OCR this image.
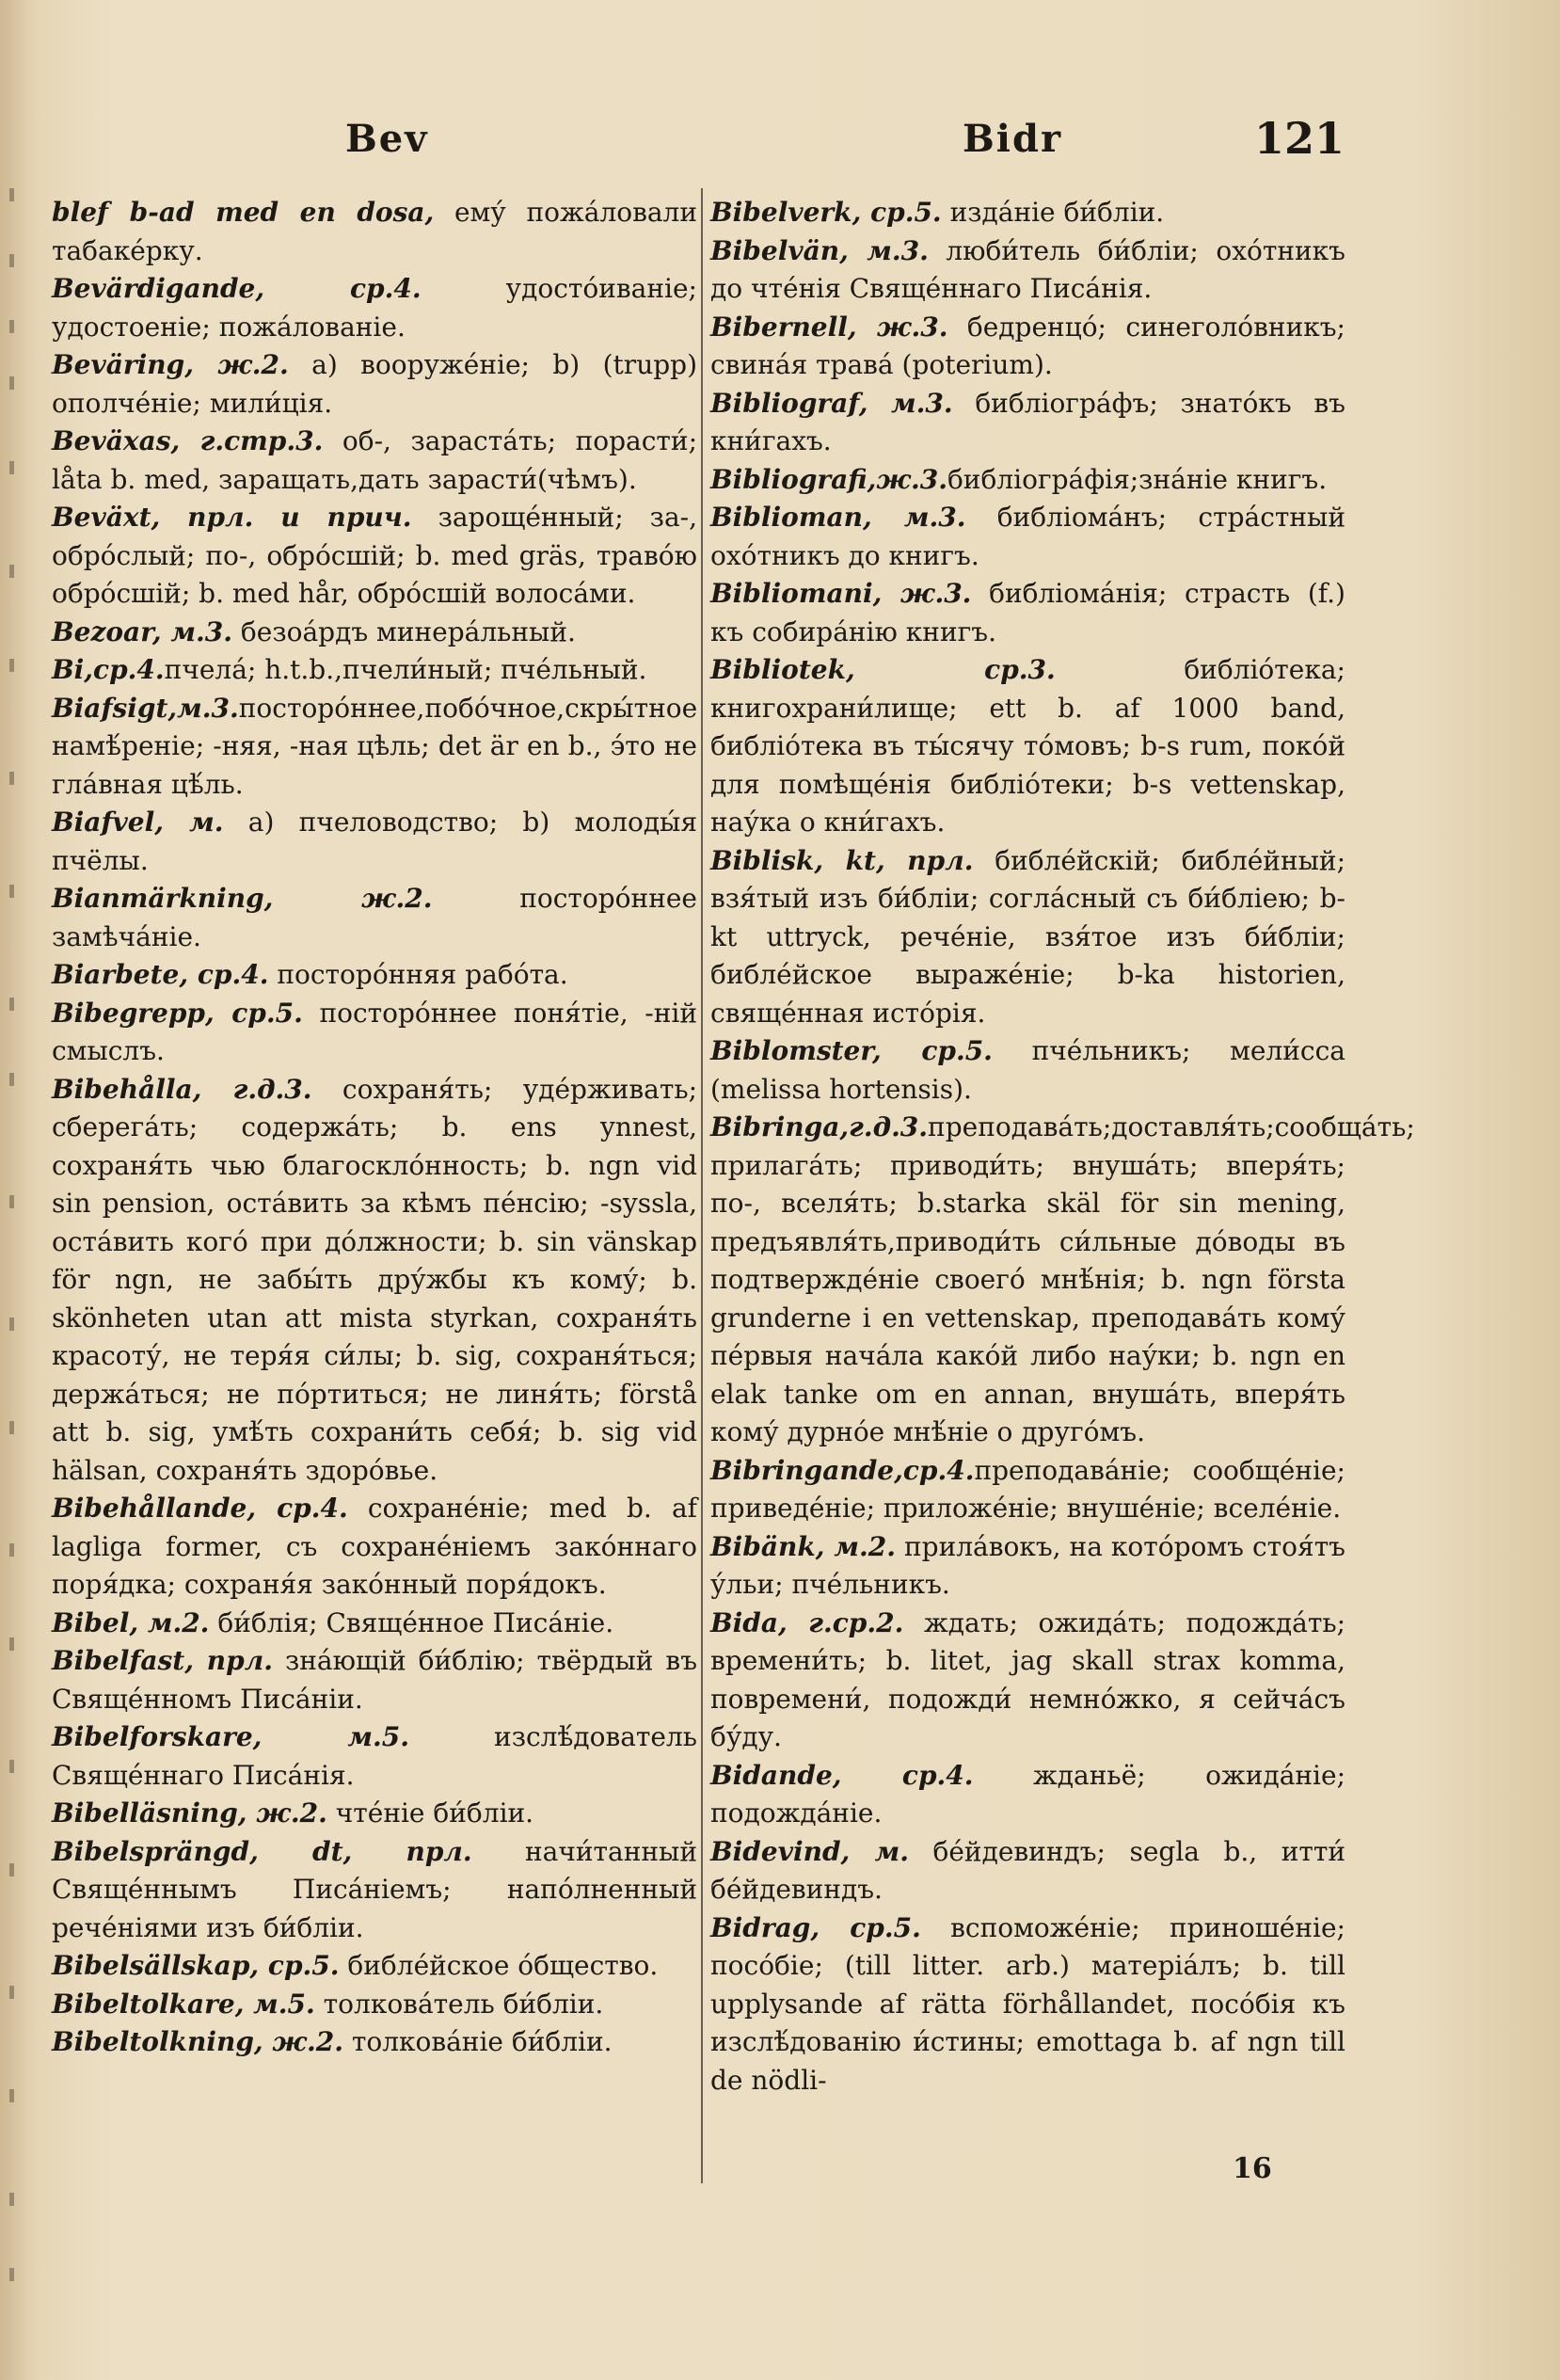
Bev	Bidr	121

blef b-ad med en dosa, ему́ пожа́ловали табаке́рку.

Bevärdigande, ср.4. удосто́иваніе; удостоеніе; пожа́лованіе.

Beväring, ж.2. а) вооруже́ніе; b) (trupp) ополче́ніе; мили́ція.

Beväxas, г.стр.3. об-, зараста́ть; порасти́; låta b. med, заращать,дать зарасти́(чѣмъ).

Beväxt, прл. и прич. зароще́нный; за-, обро́слый; по-, обро́сшій; b. med gräs, траво́ю обро́сшій; b. med hår, обро́сшій волоса́ми.

Bezoar, м.3. безоа́рдъ минера́льный.

Bi,ср.4.пчела́; h.t.b.,пчели́ный; пче́льный.

Biafsigt,м.3.посторо́ннее,побо́чное,скры́тное намѣ́реніе; -няя, -ная цѣль; det är en b., э́то не гла́вная цѣ́ль.

Biafvel, м. а) пчеловодство; b) молоды́я пчёлы.

Bianmärkning, ж.2. посторо́ннее замѣча́ніе.

Biarbete, ср.4. посторо́нняя рабо́та.

Bibegrepp, ср.5. посторо́ннее поня́тіе, -ній смыслъ.

Bibehålla, г.д.3. сохраня́ть; уде́рживать; сберега́ть; содержа́ть; b. ens ynnest, сохраня́ть чью благоскло́нность; b. ngn vid sin pension, оста́вить за кѣмъ пе́нсію; -syssla, оста́вить кого́ при до́лжности; b. sin vänskap för ngn, не забы́ть дру́жбы къ кому́; b. skönheten utan att mista styrkan, сохраня́ть красоту́, не теря́я си́лы; b. sig, сохраня́ться; держа́ться; не по́ртиться; не линя́ть; förstå att b. sig, умѣ́ть сохрани́ть себя́; b. sig vid hälsan, сохраня́ть здоро́вье.

Bibehållande, ср.4. сохране́ніе; med b. af lagliga former, съ сохране́ніемъ зако́ннаго поря́дка; сохраня́я зако́нный поря́докъ.

Bibel, м.2. би́блія; Свяще́нное Писа́ніе.

Bibelfast, прл. зна́ющій би́блію; твёрдый въ Свяще́нномъ Писа́ніи.

Bibelforskare, м.5. изслѣ́дователь Свяще́ннаго Писа́нія.

Bibelläsning, ж.2. чте́ніе би́бліи.

Bibelsprängd, dt, прл. начи́танный Свяще́ннымъ Писа́ніемъ; напо́лненный рече́ніями изъ би́бліи.

Bibelsällskap, ср.5. библе́йское о́бщество.

Bibeltolkare, м.5. толкова́тель би́бліи.

Bibeltolkning, ж.2. толкова́ніе би́бліи.

Bibelverk, ср.5. изда́ніе би́бліи.

Bibelvän, м.3. люби́тель би́бліи; охо́тникъ до чте́нія Свяще́ннаго Писа́нія.

Bibernell, ж.3. бедренцо́; синеголо́вникъ; свина́я трава́ (poterium).

Bibliograf, м.3. библіогра́фъ; знато́къ въ кни́гахъ.

Bibliografi,ж.3.библіогра́фія;зна́ніе книгъ.

Biblioman, м.3. библіома́нъ; стра́стный охо́тникъ до книгъ.

Bibliomani, ж.3. библіома́нія; страсть (f.) къ собира́нію книгъ.

Bibliotek, ср.3. библіо́тека; книгохрани́лище; ett b. af 1000 band, библіо́тека въ ты́сячу то́мовъ; b-s rum, поко́й для помѣще́нія библіо́теки; b-s vettenskap, нау́ка о кни́гахъ.

Biblisk, kt, прл. библе́йскій; библе́йный; взя́тый изъ би́бліи; согла́сный съ би́бліею; b-kt uttryck, рече́ніе, взя́тое изъ би́бліи; библе́йское выраже́ніе; b-ka historien, свяще́нная исто́рія.

Biblomster, ср.5. пче́льникъ; мели́сса (melissa hortensis).

Bibringa,г.д.3.преподава́ть;доставля́ть;сообща́ть; прилага́ть; приводи́ть; внуша́ть; вперя́ть; по-, вселя́ть; b.starka skäl för sin mening, предъявля́ть,приводи́ть си́льные до́воды въ подтвержде́ніе своего́ мнѣ́нія; b. ngn första grunderne i en vettenskap, преподава́ть кому́ пе́рвыя нача́ла како́й либо нау́ки; b. ngn en elak tanke om en annan, внуша́ть, вперя́ть кому́ дурно́е мнѣ́ніе о друго́мъ.

Bibringande,ср.4.преподава́ніе; сообще́ніе; приведе́ніе; приложе́ніе; внуше́ніе; вселе́ніе.

Bibänk, м.2. прила́вокъ, на кото́ромъ стоя́тъ у́льи; пче́льникъ.

Bida, г.ср.2. ждать; ожида́ть; подожда́ть; времени́ть; b. litet, jag skall strax komma, повремени́, подожди́ немно́жко, я сейча́съ бу́ду.

Bidande, ср.4. жданьё; ожида́ніе; подожда́ніе.

Bidevind, м. бе́йдевиндъ; segla b., итти́ бе́йдевиндъ.

Bidrag, ср.5. вспоможе́ніе; приноше́ніе; посо́біе; (till litter. arb.) матеріа́лъ; b. till upplysande af rätta förhållandet, посо́бія къ изслѣ́дованію и́стины; emottaga b. af ngn till de nödli-

16
